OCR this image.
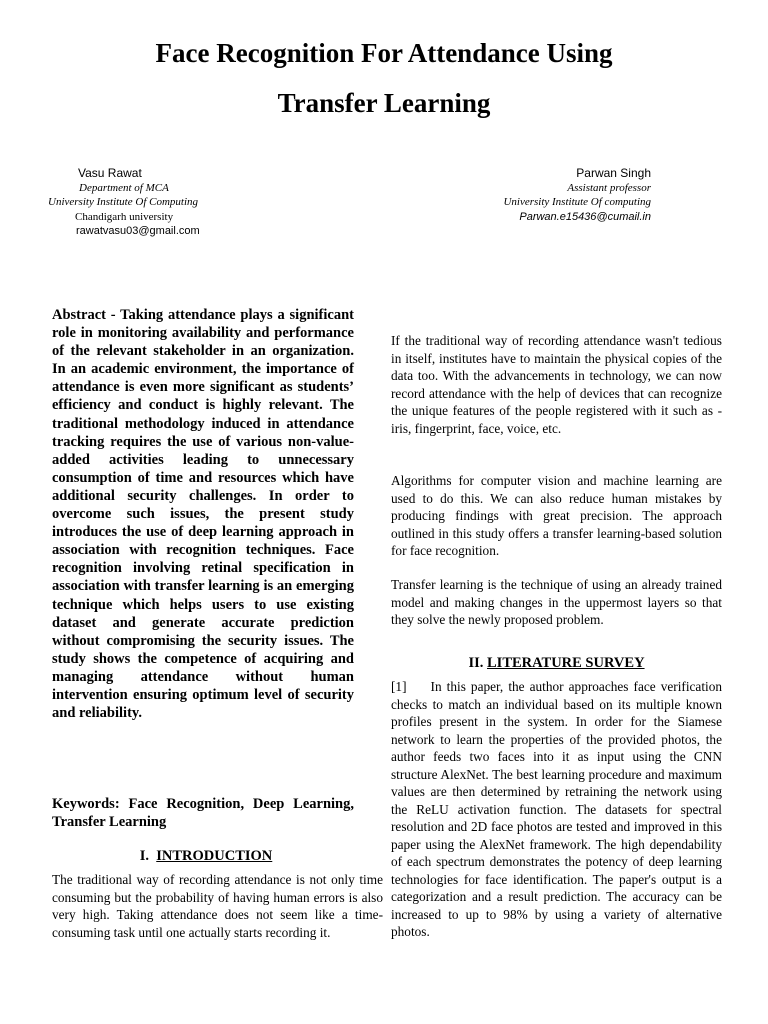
Face Recognition For Attendance Using
Transfer Learning
Vasu Rawat
Department of MCA
University Institute Of Computing
Chandigarh university
rawatvasu03@gmail.com
Parwan Singh
Assistant professor
University Institute Of computing
Parwan.e15436@cumail.in
Abstract - Taking attendance plays a significant role in monitoring availability and performance of the relevant stakeholder in an organization. In an academic environment, the importance of attendance is even more significant as students’ efficiency and conduct is highly relevant. The traditional methodology induced in attendance tracking requires the use of various non-value-added activities leading to unnecessary consumption of time and resources which have additional security challenges. In order to overcome such issues, the present study introduces the use of deep learning approach in association with recognition techniques. Face recognition involving retinal specification in association with transfer learning is an emerging technique which helps users to use existing dataset and generate accurate prediction without compromising the security issues. The study shows the competence of acquiring and managing attendance without human intervention ensuring optimum level of security and reliability.
Keywords: Face Recognition, Deep Learning, Transfer Learning
I. INTRODUCTION
The traditional way of recording attendance is not only time consuming but the probability of having human errors is also very high. Taking attendance does not seem like a time-consuming task until one actually starts recording it.
If the traditional way of recording attendance wasn't tedious in itself, institutes have to maintain the physical copies of the data too. With the advancements in technology, we can now record attendance with the help of devices that can recognize the unique features of the people registered with it such as - iris, fingerprint, face, voice, etc.
Algorithms for computer vision and machine learning are used to do this. We can also reduce human mistakes by producing findings with great precision. The approach outlined in this study offers a transfer learning-based solution for face recognition.
Transfer learning is the technique of using an already trained model and making changes in the uppermost layers so that they solve the newly proposed problem.
II. LITERATURE SURVEY
[1] In this paper, the author approaches face verification checks to match an individual based on its multiple known profiles present in the system. In order for the Siamese network to learn the properties of the provided photos, the author feeds two faces into it as input using the CNN structure AlexNet. The best learning procedure and maximum values are then determined by retraining the network using the ReLU activation function. The datasets for spectral resolution and 2D face photos are tested and improved in this paper using the AlexNet framework. The high dependability of each spectrum demonstrates the potency of deep learning technologies for face identification. The paper's output is a categorization and a result prediction. The accuracy can be increased to up to 98% by using a variety of alternative photos.
